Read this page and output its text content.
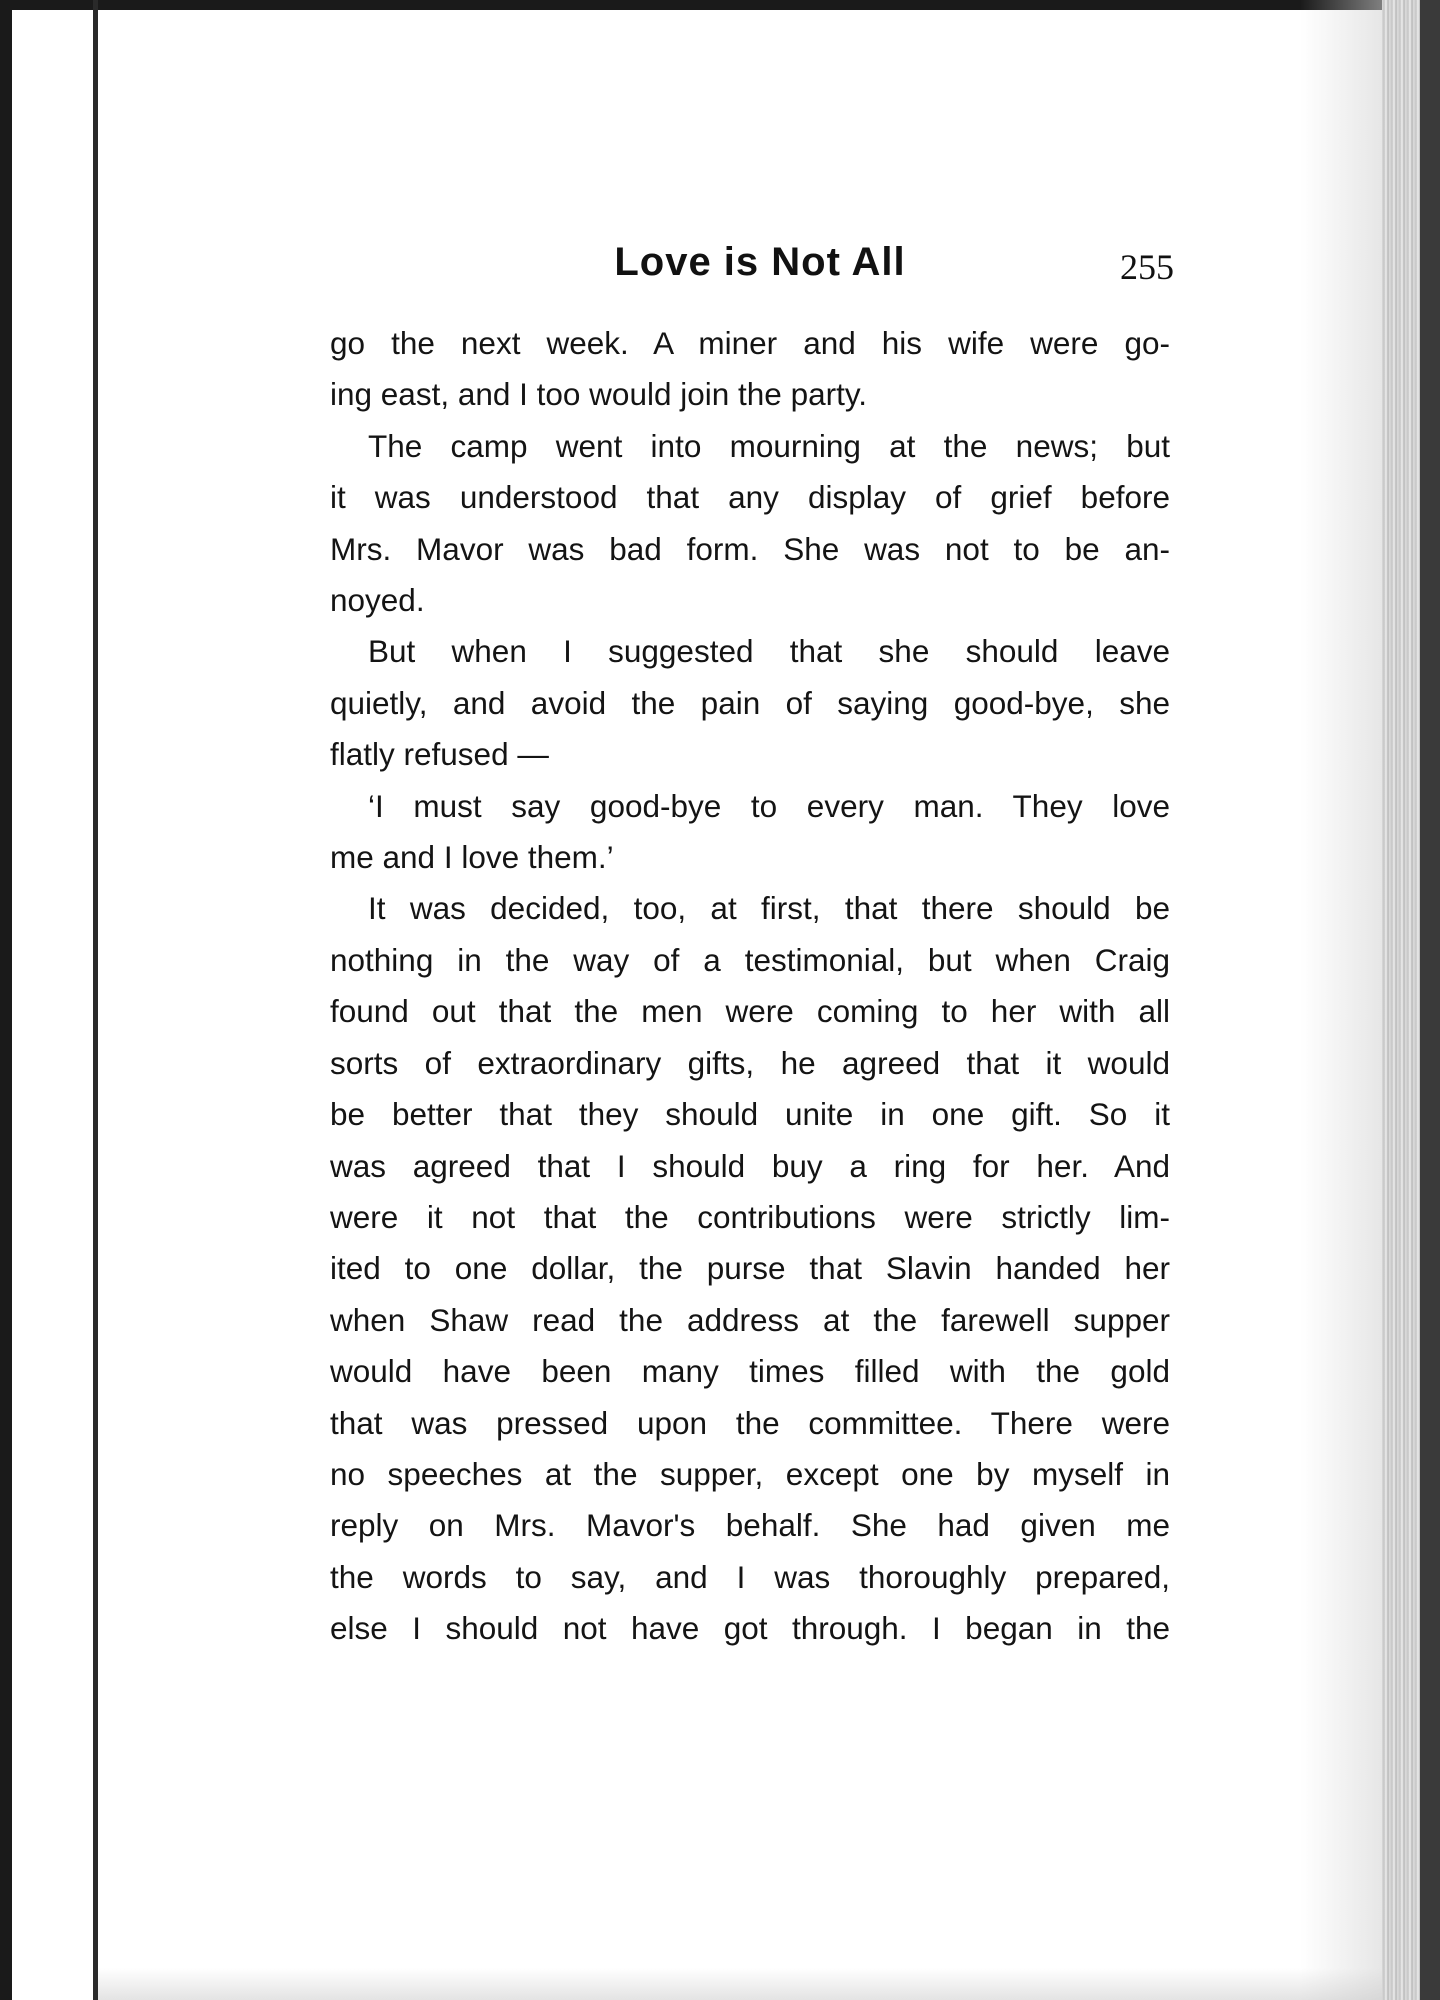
Love is Not All	255
go the next week. A miner and his wife were go-
ing east, and I too would join the party.
The camp went into mourning at the news; but
it was understood that any display of grief before
Mrs. Mavor was bad form. She was not to be an-
noyed.
But when I suggested that she should leave
quietly, and avoid the pain of saying good-bye, she
flatly refused —
‘I must say good-bye to every man. They love
me and I love them.’
It was decided, too, at first, that there should be
nothing in the way of a testimonial, but when Craig
found out that the men were coming to her with all
sorts of extraordinary gifts, he agreed that it would
be better that they should unite in one gift. So it
was agreed that I should buy a ring for her. And
were it not that the contributions were strictly lim-
ited to one dollar, the purse that Slavin handed her
when Shaw read the address at the farewell supper
would have been many times filled with the gold
that was pressed upon the committee. There were
no speeches at the supper, except one by myself in
reply on Mrs. Mavor's behalf. She had given me
the words to say, and I was thoroughly prepared,
else I should not have got through. I began in the
